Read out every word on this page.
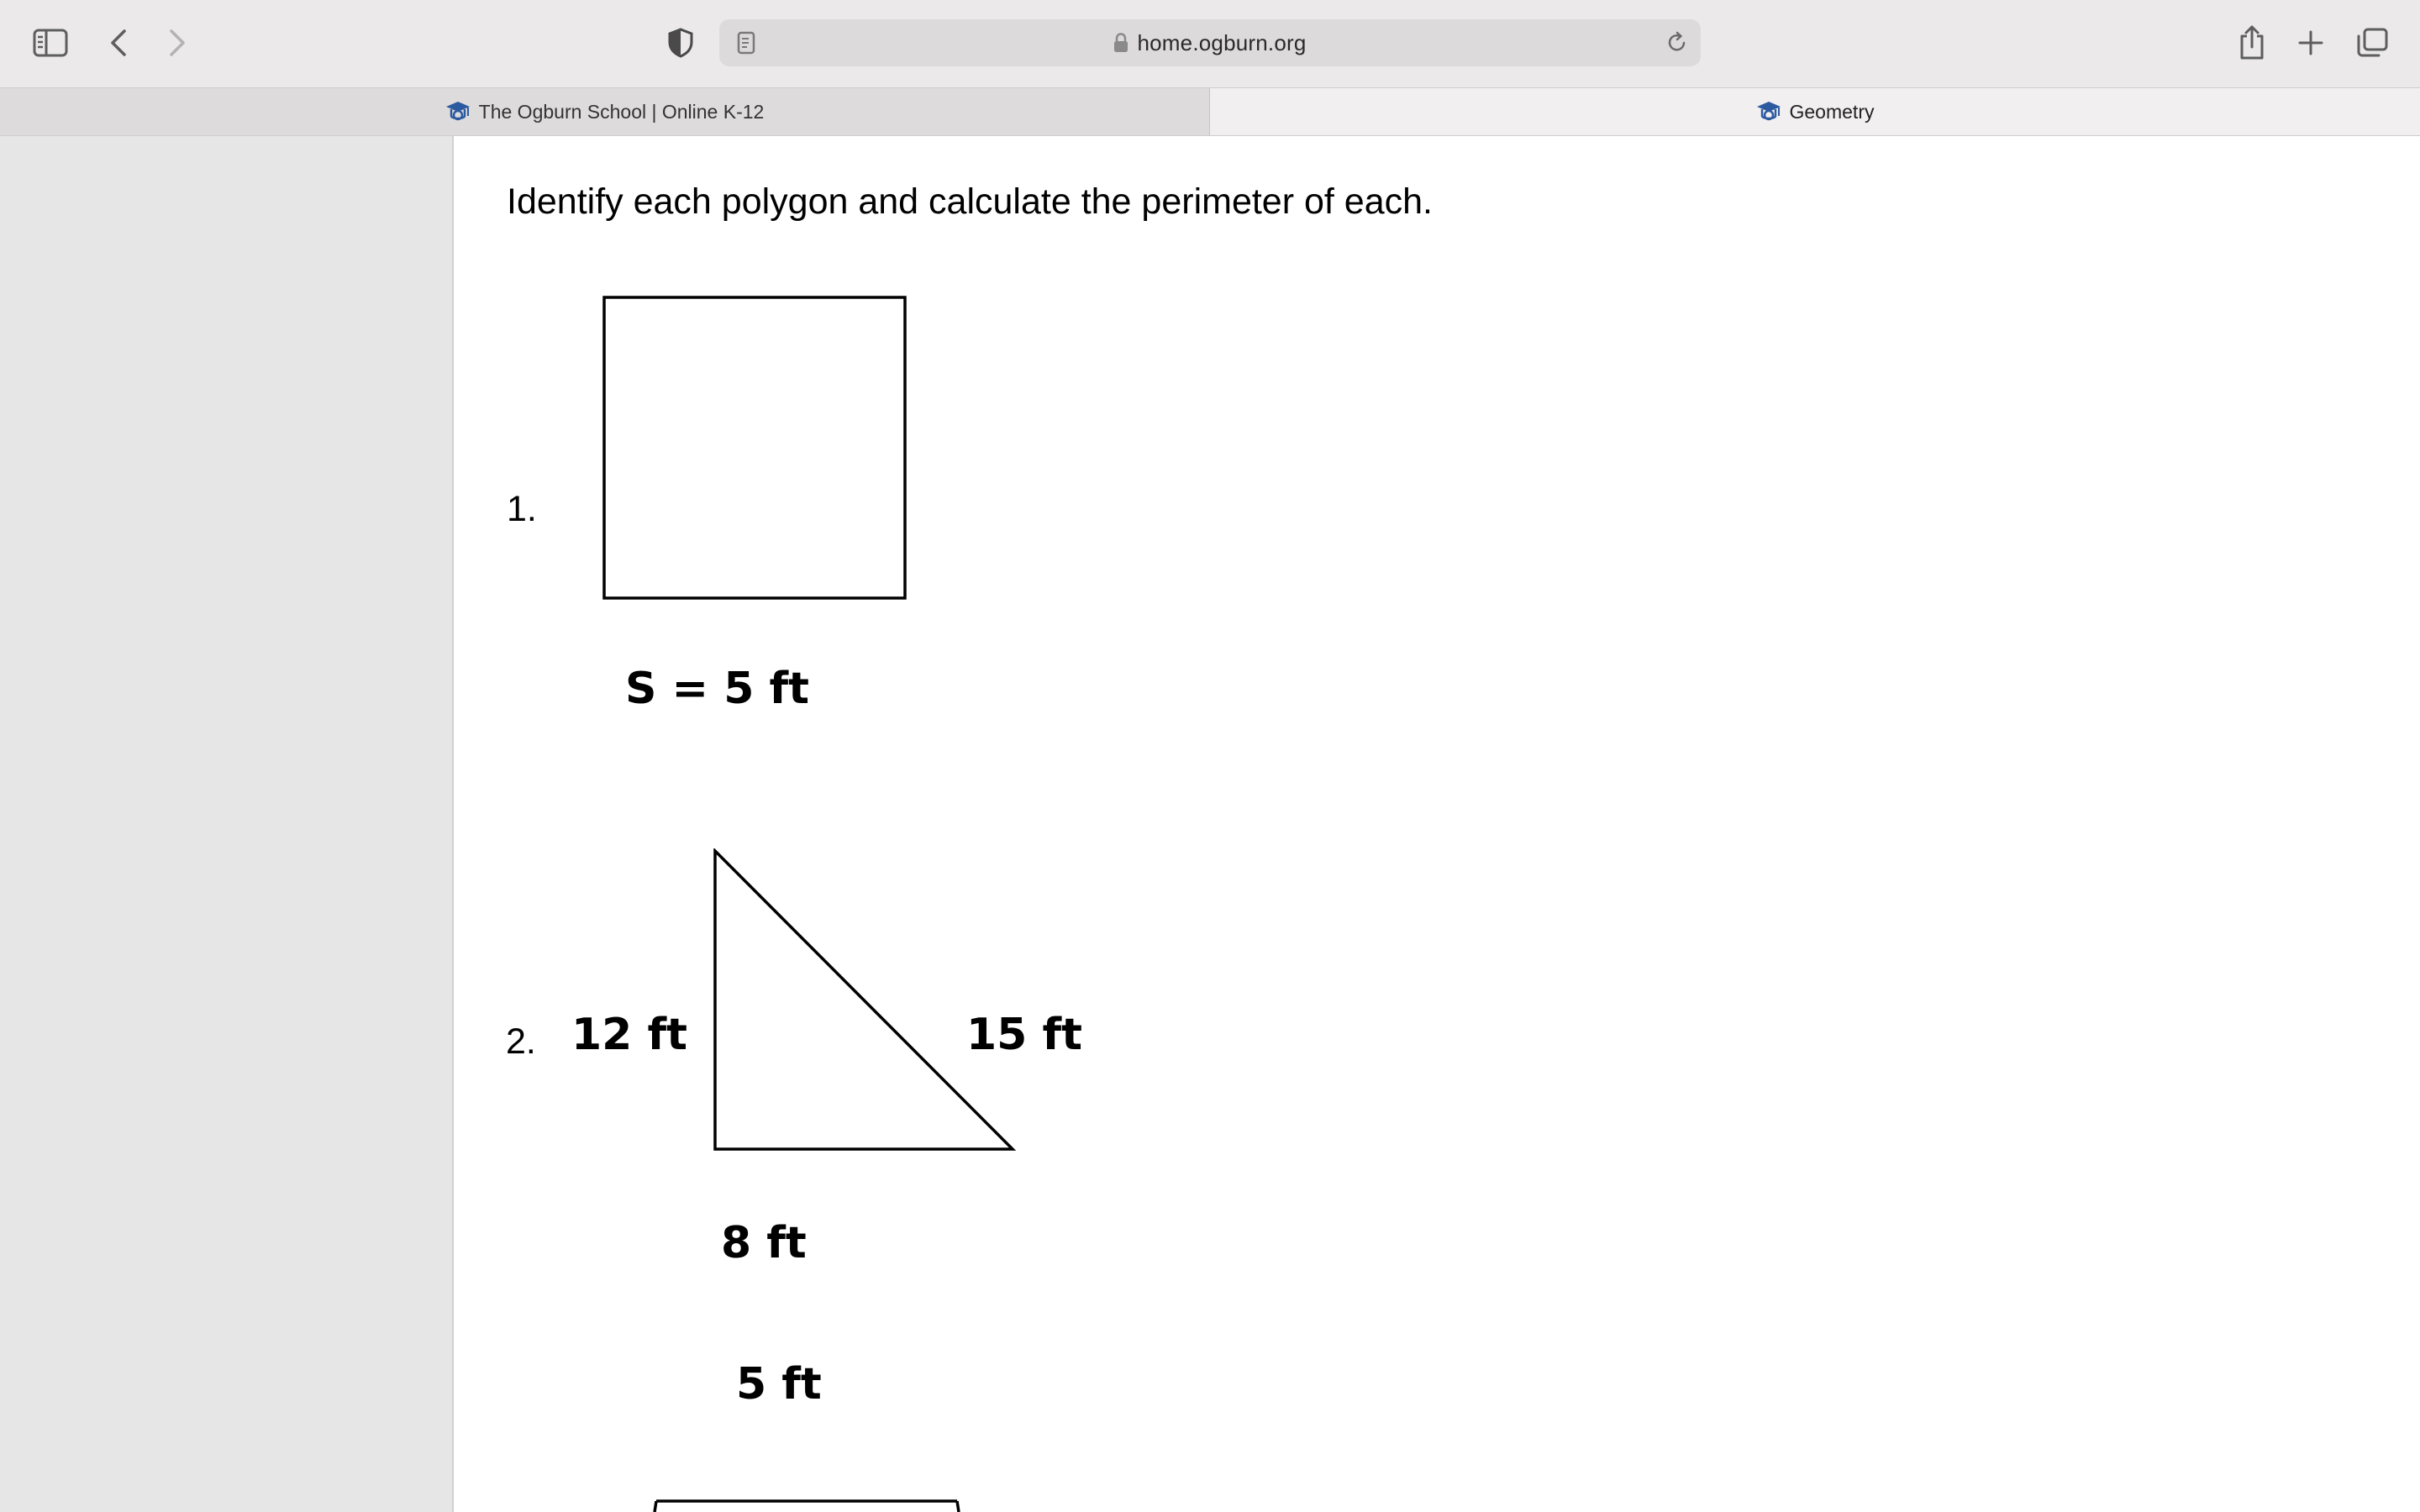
home.ogburn.org
The Ogburn School | Online K-12	Geometry
Identify each polygon and calculate the perimeter of each.
1.
S = 5 ft
2. 12 ft	15 ft
8 ft
5 ft
